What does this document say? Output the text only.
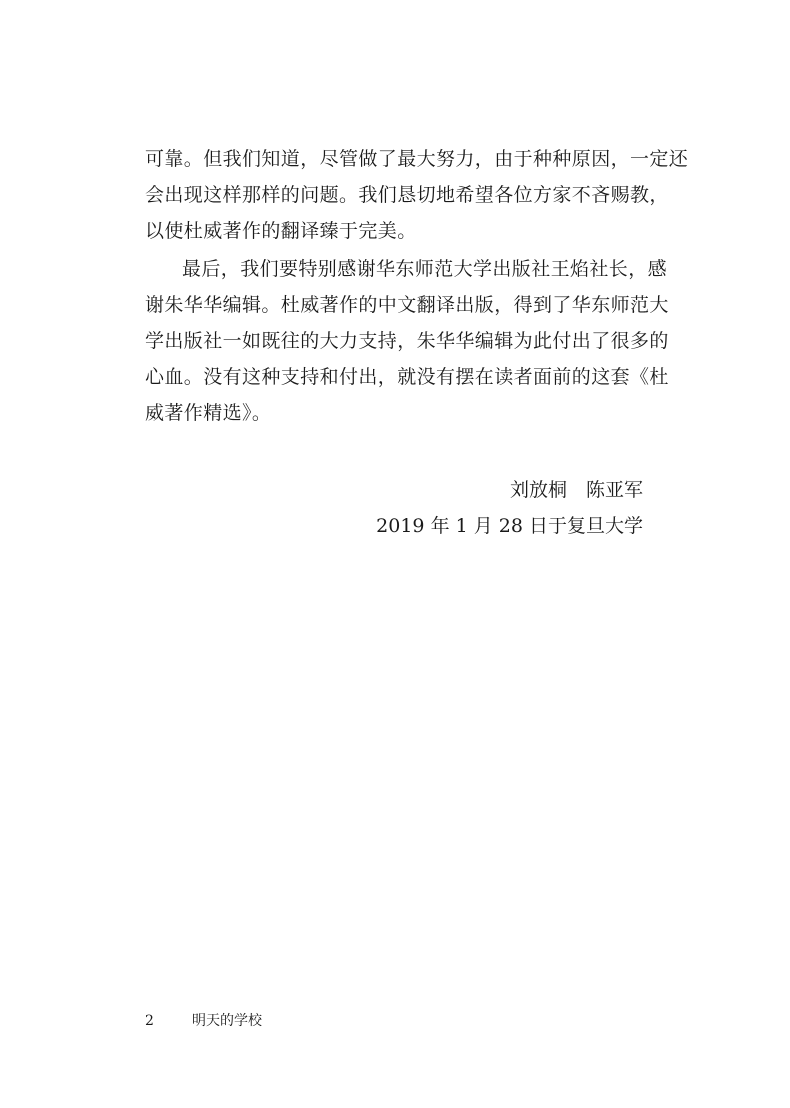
可靠。但我们知道，尽管做了最大努力，由于种种原因，一定还
会出现这样那样的问题。我们恳切地希望各位方家不吝赐教，
以使杜威著作的翻译臻于完美。
最后，我们要特别感谢华东师范大学出版社王焰社长，感
谢朱华华编辑。杜威著作的中文翻译出版，得到了华东师范大
学出版社一如既往的大力支持，朱华华编辑为此付出了很多的
心血。没有这种支持和付出，就没有摆在读者面前的这套《杜
威著作精选》。
刘放桐　陈亚军
2019 年 1 月 28 日于复旦大学
2	明天的学校
